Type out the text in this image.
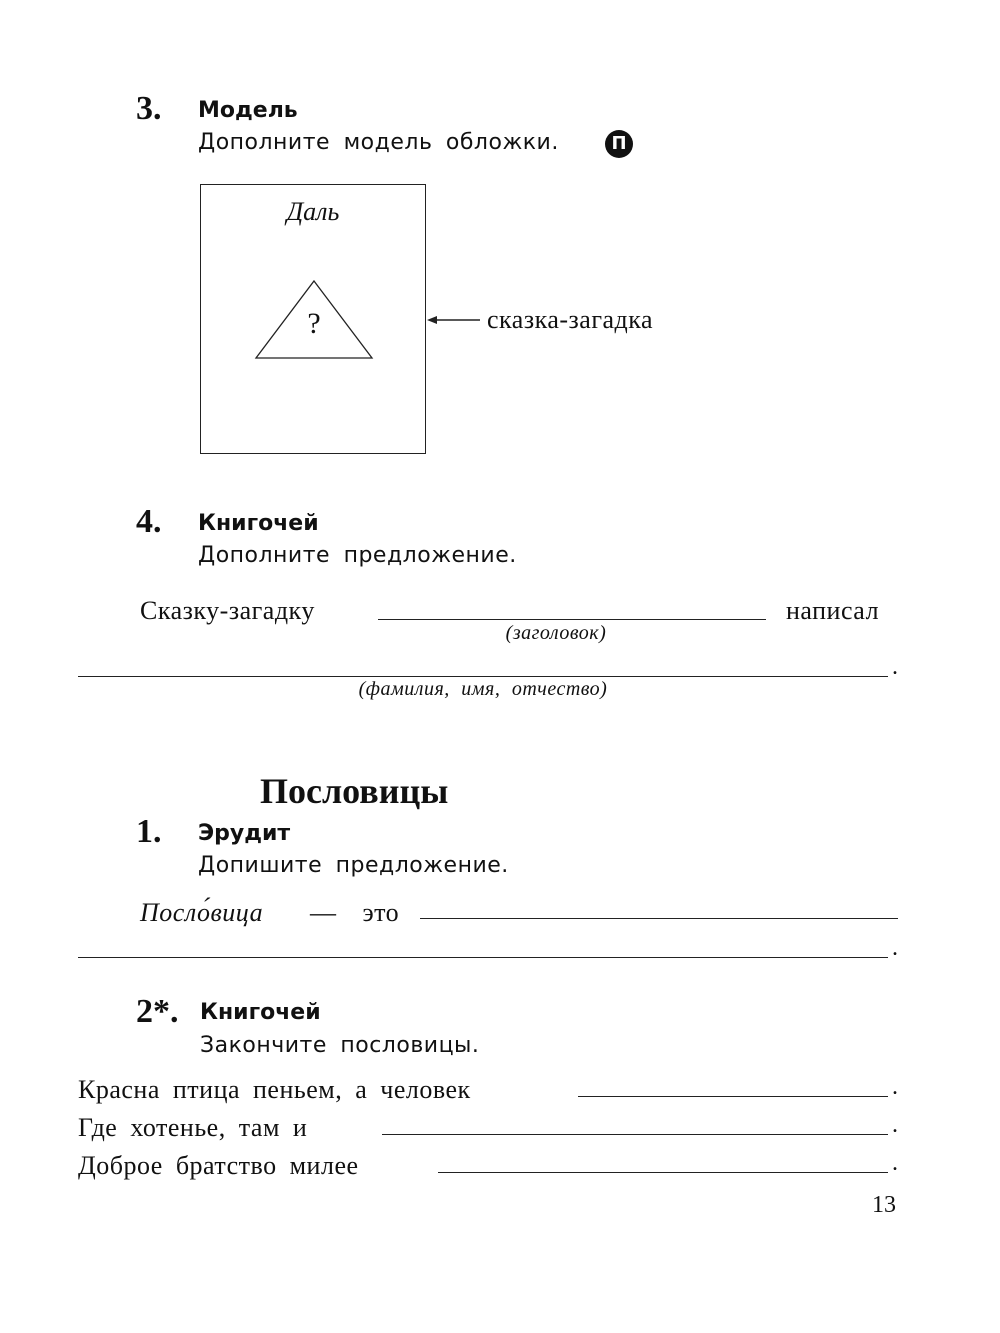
3. Модель
Дополните модель обложки.	П
Даль
?	сказка-загадка
4. Книгочей
Дополните предложение.
Сказку-загадку	написал
(заголовок)
.
(фамилия, имя, отчество)
Пословицы
1. Эрудит
Допишите предложение.
Посло́вица —  это
.
2*. Книгочей
Закончите пословицы.
Красна птица пеньем, а человек	.
Где хотенье, там и	.
Доброе братство милее	.
13
